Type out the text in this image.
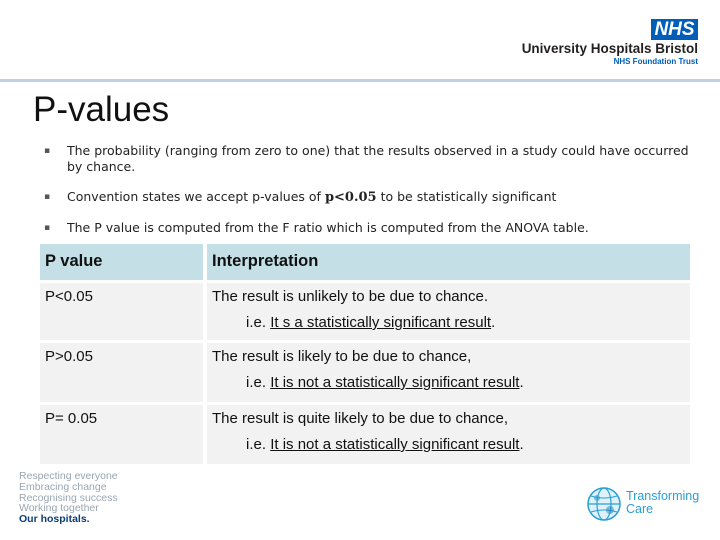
NHS
University Hospitals Bristol
NHS Foundation Trust
P-values
▪ The probability (ranging from zero to one) that the results observed in a study could have occurred by chance.
▪ Convention states we accept p-values of p<0.05 to be statistically significant
▪ The P value is computed from the F ratio which is computed from the ANOVA table.
P value	Interpretation
P<0.05	The result is unlikely to be due to chance.
i.e. It s a statistically significant result.

P>0.05	The result is likely to be due to chance,
i.e. It is not a statistically significant result.

P= 0.05	The result is quite likely to be due to chance,
i.e. It is not a statistically significant result.
Respecting everyone
Embracing change
Recognising success
Working together
Our hospitals.
Transforming
Care
